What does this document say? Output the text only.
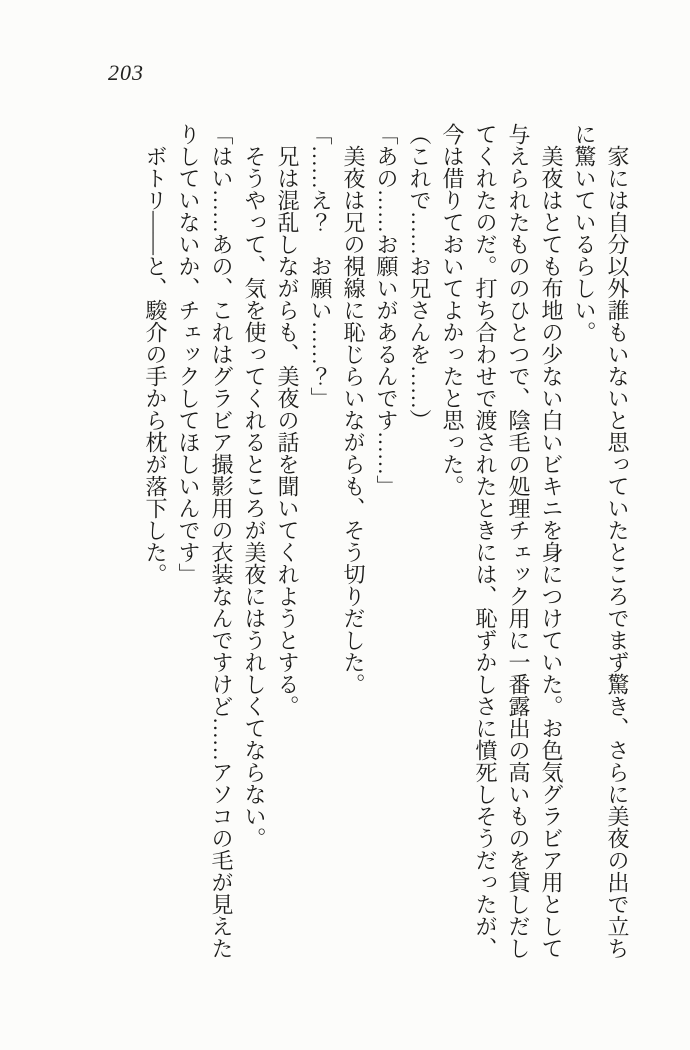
203

家には自分以外誰もいないと思っていたところでまず驚き、さらに美夜の出で立ちに驚いているらしい。

美夜はとても布地の少ない白いビキニを身につけていた。お色気グラビア用として与えられたもののひとつで、陰毛の処理チェック用に一番露出の高いものを貸しだしてくれたのだ。打ち合わせで渡されたときには、恥ずかしさに憤死しそうだったが、今は借りておいてよかったと思った。

（これで……お兄さんを……）

「あの……お願いがあるんです……」

美夜は兄の視線に恥じらいながらも、そう切りだした。

「……え？　お願い……？」

兄は混乱しながらも、美夜の話を聞いてくれようとする。

そうやって、気を使ってくれるところが美夜にはうれしくてならない。

「はい……あの、これはグラビア撮影用の衣装なんですけど……アソコの毛が見えたりしていないか、チェックしてほしいんです」

ボトリ――と、駿介の手から枕が落下した。
